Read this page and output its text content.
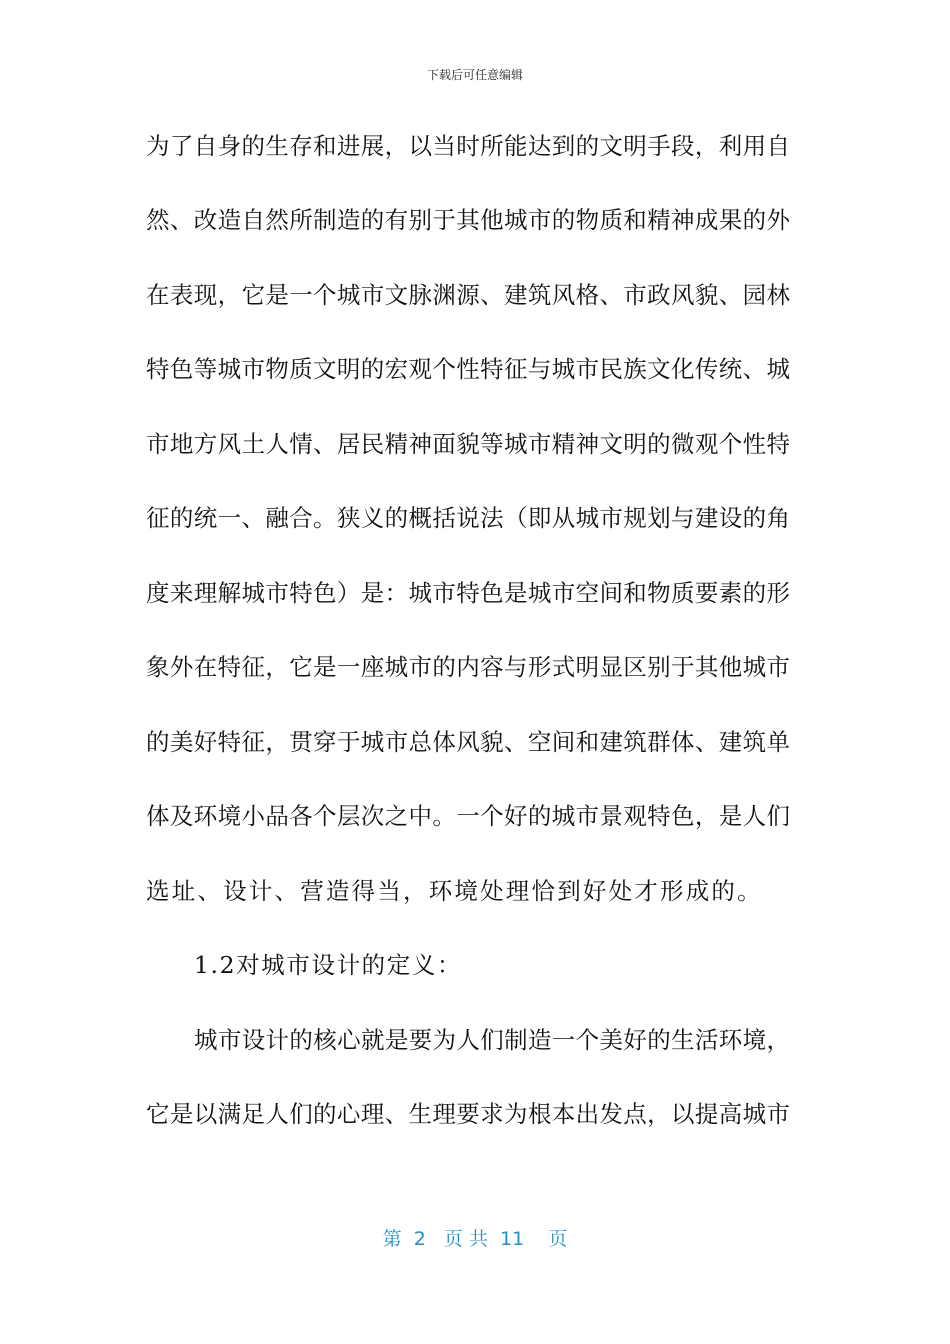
下载后可任意编辑
为了自身的生存和进展，以当时所能达到的文明手段，利用自
然、改造自然所制造的有别于其他城市的物质和精神成果的外
在表现，它是一个城市文脉渊源、建筑风格、市政风貌、园林
特色等城市物质文明的宏观个性特征与城市民族文化传统、城
市地方风土人情、居民精神面貌等城市精神文明的微观个性特
征的统一、融合。狭义的概括说法（即从城市规划与建设的角
度来理解城市特色）是：城市特色是城市空间和物质要素的形
象外在特征，它是一座城市的内容与形式明显区别于其他城市
的美好特征，贯穿于城市总体风貌、空间和建筑群体、建筑单
体及环境小品各个层次之中。一个好的城市景观特色，是人们
选址、设计、营造得当，环境处理恰到好处才形成的。
1.2对城市设计的定义：
城市设计的核心就是要为人们制造一个美好的生活环境，
它是以满足人们的心理、生理要求为根本出发点，以提高城市
第  2   页 共  11    页
